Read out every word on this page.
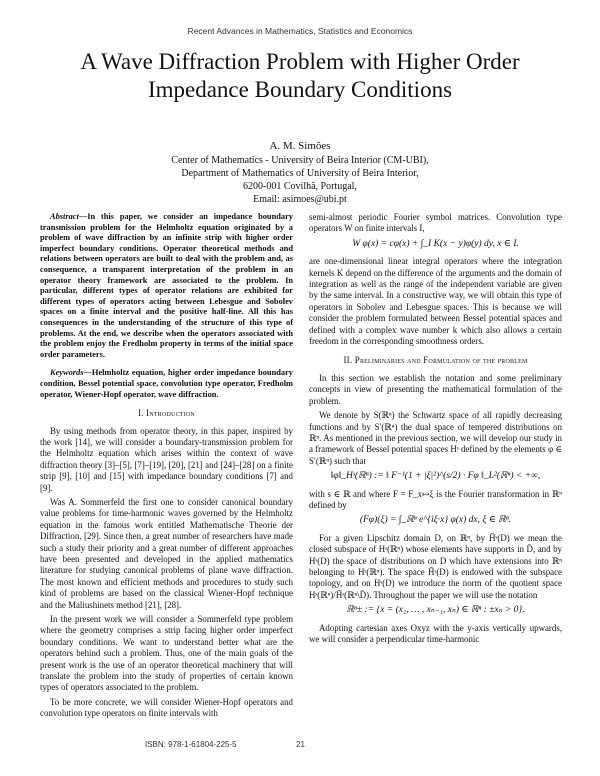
Recent Advances in Mathematics, Statistics and Economics
A Wave Diffraction Problem with Higher Order
Impedance Boundary Conditions
A. M. Simões
Center of Mathematics - University of Beira Interior (CM-UBI),
Department of Mathematics of University of Beira Interior,
6200-001 Covilhã, Portugal,
Email: asimoes@ubi.pt
Abstract—In this paper, we consider an impedance boundary transmission problem for the Helmholtz equation originated by a problem of wave diffraction by an infinite strip with higher order imperfect boundary conditions. Operator theoretical methods and relations between operators are built to deal with the problem and, as consequence, a transparent interpretation of the problem in an operator theory framework are associated to the problem. In particular, different types of operator relations are exhibited for different types of operators acting between Lebesgue and Sobolev spaces on a finite interval and the positive half-line. All this has consequences in the understanding of the structure of this type of problems. At the end, we describe when the operators associated with the problem enjoy the Fredholm property in terms of the initial space order parameters.
Keywords—Helmholtz equation, higher order impedance boundary condition, Bessel potential space, convolution type operator, Fredholm operator, Wiener-Hopf operator, wave diffraction.
I. Introduction

By using methods from operator theory, in this paper, inspired by the work [14], we will consider a boundary-transmission problem for the Helmholtz equation which arises within the context of wave diffraction theory [3]–[5], [7]–[19], [20], [21] and [24]–[28] on a finite strip [9], [10] and [15] with impedance boundary conditions [7] and [9].

Was A. Sommerfeld the first one to consider canonical boundary value problems for time-harmonic waves governed by the Helmholtz equation in the famous work entitled Mathematische Theorie der Diffraction, [29]. Since then, a great number of researchers have made such a study their priority and a great number of different approaches have been presented and developed in the applied mathematics literature for studying canonical problems of plane wave diffraction. The most known and efficient methods and procedures to study such kind of problems are based on the classical Wiener-Hopf technique and the Maliushinets method [21], [28].

In the present work we will consider a Sommerfeld type problem where the geometry comprises a strip facing higher order imperfect boundary conditions. We want to understand better what are the operators behind such a problem. Thus, one of the main goals of the present work is the use of an operator theoretical machinery that will translate the problem into the study of properties of certain known types of operators associated to the problem.

To be more concrete, we will consider Wiener-Hopf operators and convolution type operators on finite intervals with

semi-almost periodic Fourier symbol matrices. Convolution type operators W on finite intervals I,

W φ(x) = cφ(x) + ∫_I K(x − y)φ(y) dy, x ∈ I.

are one-dimensional linear integral operators where the integration kernels K depend on the difference of the arguments and the domain of integration as well as the range of the independent variable are given by the same interval. In a constructive way, we will obtain this type of operators in Sobolev and Lebesgue spaces. This is because we will consider the problem formulated between Bessel potential spaces and defined with a complex wave number k which also allows a certain freedom in the corresponding smoothness orders.

II. Preliminaries and Formulation of the problem

In this section we establish the notation and some preliminary concepts in view of presenting the mathematical formulation of the problem.

We denote by S(ℝⁿ) the Schwartz space of all rapidly decreasing functions and by S′(ℝⁿ) the dual space of tempered distributions on ℝⁿ. As mentioned in the previous section, we will develop our study in a framework of Bessel potential spaces Hˢ defined by the elements φ ∈ S′(ℝⁿ) such that

‖φ‖_Hˢ(ℝⁿ) := ‖ F⁻¹(1 + |ξ|²)^(s/2) · Fφ ‖_L²(ℝⁿ) < +∞,

with s ∈ ℝ and where F = F_x↦ξ is the Fourier transformation in ℝⁿ defined by

(Fφ)(ξ) = ∫_ℝⁿ e^{iξ·x} φ(x) dx, ξ ∈ ℝⁿ.

For a given Lipschitz domain D, on ℝⁿ, by H̃ˢ(D) we mean the closed subspace of Hˢ(ℝⁿ) whose elements have supports in D̄, and by Hˢ(D) the space of distributions on D which have extensions into ℝⁿ belonging to Hˢ(ℝⁿ). The space H̃ˢ(D) is endowed with the subspace topology, and on Hˢ(D) we introduce the norm of the quotient space Hˢ(ℝⁿ)/H̃ˢ(ℝⁿ\D̄). Throughout the paper we will use the notation

ℝⁿ± := {x = (x₁, … , xₙ₋₁, xₙ) ∈ ℝⁿ : ±xₙ > 0}.

Adopting cartesian axes Oxyz with the y-axis vertically upwards, we will consider a perpendicular time-harmonic

ISBN: 978-1-61804-225-5	21
